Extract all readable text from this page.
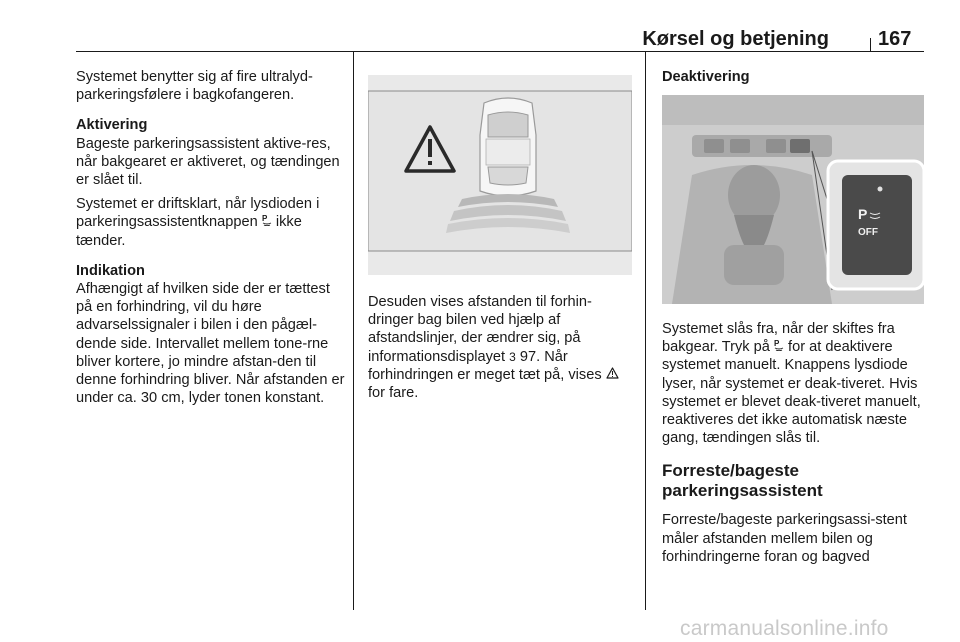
Kørsel og betjening 167

Systemet benytter sig af fire ultralyd-parkeringsfølere i bagkofangeren.

Aktivering

Bageste parkeringsassistent aktive-res, når bakgearet er aktiveret, og tændingen er slået til.

Systemet er driftsklart, når lysdioden i parkeringsassistentknappen P ikke tænder.

Indikation

Afhængigt af hvilken side der er tættest på en forhindring, vil du høre advarselssignaler i bilen i den pågæl-dende side. Intervallet mellem tone-rne bliver kortere, jo mindre afstan-den til denne forhindring bliver. Når afstanden er under ca. 30 cm, lyder tonen konstant.

Desuden vises afstanden til forhin-dringer bag bilen ved hjælp af afstandslinjer, der ændrer sig, på informationsdisplayet 3 97. Når forhindringen er meget tæt på, vises  for fare.

Deaktivering
P
OFF

Systemet slås fra, når der skiftes fra bakgear. Tryk på P for at deaktivere systemet manuelt. Knappens lysdiode lyser, når systemet er deak-tiveret. Hvis systemet er blevet deak-tiveret manuelt, reaktiveres det ikke automatisk næste gang, tændingen slås til.

Forreste/bageste parkeringsassistent

Forreste/bageste parkeringsassi-stent måler afstanden mellem bilen og forhindringerne foran og bagved

carmanualsonline.info
